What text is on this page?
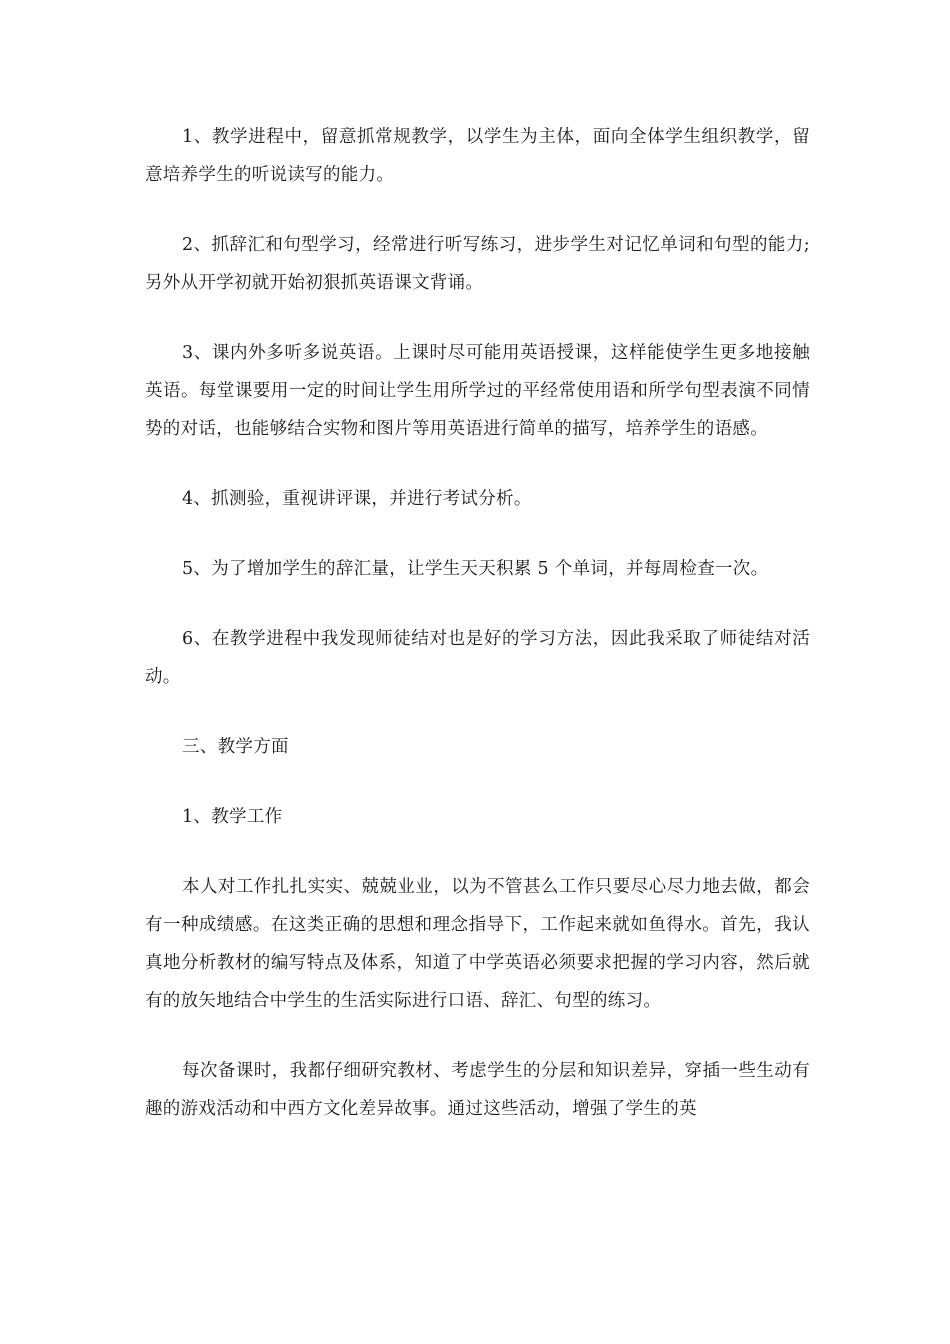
1、教学进程中，留意抓常规教学，以学生为主体，面向全体学生组织教学，留意培养学生的听说读写的能力。

2、抓辞汇和句型学习，经常进行听写练习，进步学生对记忆单词和句型的能力;另外从开学初就开始初狠抓英语课文背诵。

3、课内外多听多说英语。上课时尽可能用英语授课，这样能使学生更多地接触英语。每堂课要用一定的时间让学生用所学过的平经常使用语和所学句型表演不同情势的对话，也能够结合实物和图片等用英语进行简单的描写，培养学生的语感。

4、抓测验，重视讲评课，并进行考试分析。

5、为了增加学生的辞汇量，让学生天天积累 5 个单词，并每周检查一次。

6、在教学进程中我发现师徒结对也是好的学习方法，因此我采取了师徒结对活动。

三、教学方面

1、教学工作

本人对工作扎扎实实、兢兢业业，以为不管甚么工作只要尽心尽力地去做，都会有一种成绩感。在这类正确的思想和理念指导下，工作起来就如鱼得水。首先，我认真地分析教材的编写特点及体系，知道了中学英语必须要求把握的学习内容，然后就有的放矢地结合中学生的生活实际进行口语、辞汇、句型的练习。

每次备课时，我都仔细研究教材、考虑学生的分层和知识差异，穿插一些生动有趣的游戏活动和中西方文化差异故事。通过这些活动，增强了学生的英
